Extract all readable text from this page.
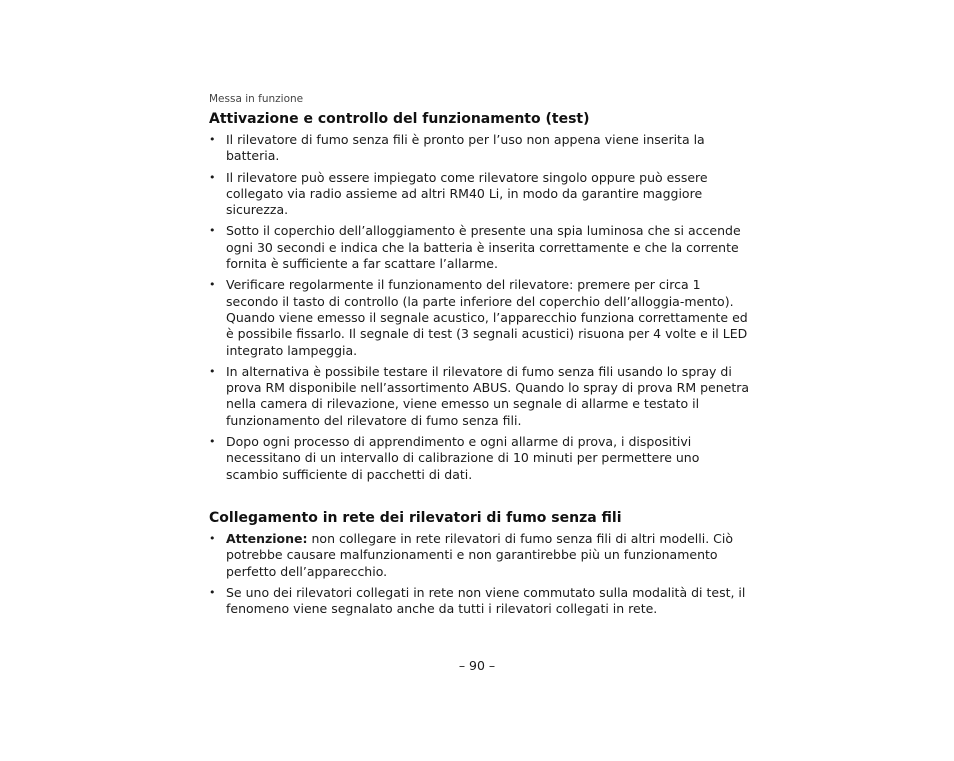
Messa in funzione
Attivazione e controllo del funzionamento (test)
• Il rilevatore di fumo senza fili è pronto per l’uso non appena viene inserita la batteria.
• Il rilevatore può essere impiegato come rilevatore singolo oppure può essere collegato via radio assieme ad altri RM40 Li, in modo da garantire maggiore sicurezza.
• Sotto il coperchio dell’alloggiamento è presente una spia luminosa che si accende ogni 30 secondi e indica che la batteria è inserita correttamente e che la corrente fornita è sufficiente a far scattare l’allarme.
• Verificare regolarmente il funzionamento del rilevatore: premere per circa 1 secondo il tasto di controllo (la parte inferiore del coperchio dell’alloggia-mento). Quando viene emesso il segnale acustico, l’apparecchio funziona correttamente ed è possibile fissarlo. Il segnale di test (3 segnali acustici) risuona per 4 volte e il LED integrato lampeggia.
• In alternativa è possibile testare il rilevatore di fumo senza fili usando lo spray di prova RM disponibile nell’assortimento ABUS. Quando lo spray di prova RM penetra nella camera di rilevazione, viene emesso un segnale di allarme e testato il funzionamento del rilevatore di fumo senza fili.
• Dopo ogni processo di apprendimento e ogni allarme di prova, i dispositivi necessitano di un intervallo di calibrazione di 10 minuti per permettere uno scambio sufficiente di pacchetti di dati.
Collegamento in rete dei rilevatori di fumo senza fili
• Attenzione: non collegare in rete rilevatori di fumo senza fili di altri modelli. Ciò potrebbe causare malfunzionamenti e non garantirebbe più un funzionamento perfetto dell’apparecchio.
• Se uno dei rilevatori collegati in rete non viene commutato sulla modalità di test, il fenomeno viene segnalato anche da tutti i rilevatori collegati in rete.
– 90 –
